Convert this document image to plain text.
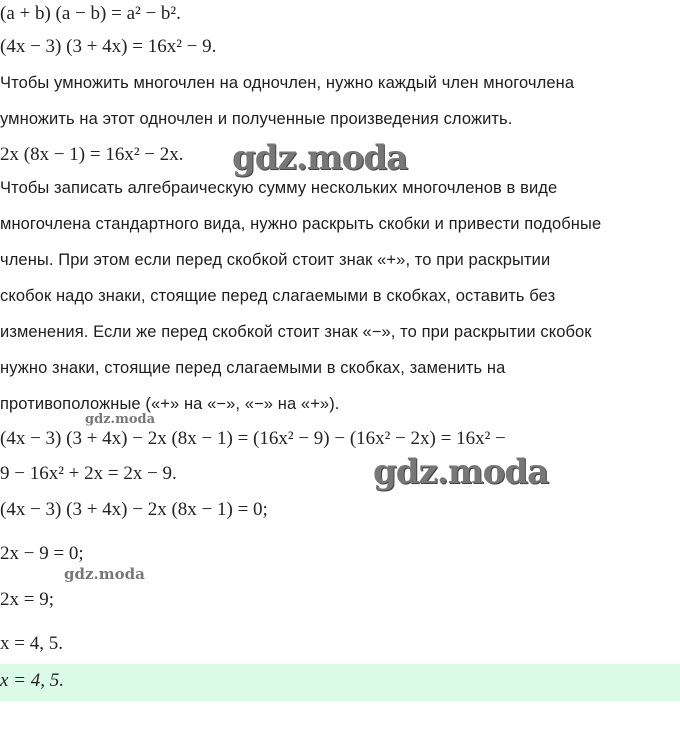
x = 4, 5.
(a + b) (a − b) = a² − b².
(4x − 3) (3 + 4x) = 16x² − 9.
Чтобы умножить многочлен на одночлен, нужно каждый член многочлена
умножить на этот одночлен и полученные произведения сложить.
2x (8x − 1) = 16x² − 2x.
Чтобы записать алгебраическую сумму нескольких многочленов в виде
многочлена стандартного вида, нужно раскрыть скобки и привести подобные
члены. При этом если перед скобкой стоит знак «+», то при раскрытии
скобок надо знаки, стоящие перед слагаемыми в скобках, оставить без
изменения. Если же перед скобкой стоит знак «−», то при раскрытии скобок
нужно знаки, стоящие перед слагаемыми в скобках, заменить на
противоположные («+» на «−», «−» на «+»).
(4x − 3) (3 + 4x) − 2x (8x − 1) = (16x² − 9) − (16x² − 2x) = 16x² −
9 − 16x² + 2x = 2x − 9.
(4x − 3) (3 + 4x) − 2x (8x − 1) = 0;
2x − 9 = 0;
2x = 9;
x = 4, 5.
gdz.moda
gdz.moda
gdz.moda
gdz.moda
